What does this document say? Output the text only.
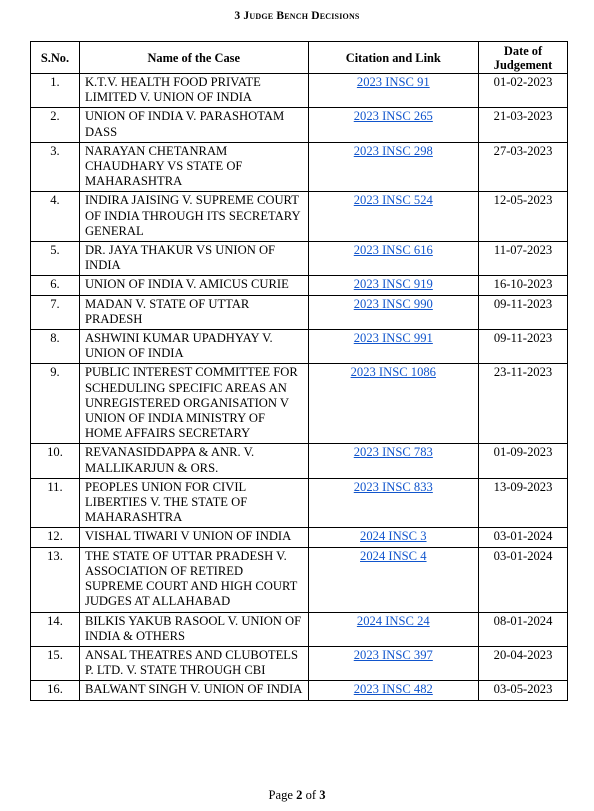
3 Judge Bench Decisions
S.No.	Name of the Case	Citation and Link	Date of Judgement
1.	K.T.V. HEALTH FOOD PRIVATE LIMITED V. UNION OF INDIA	2023 INSC 91	01-02-2023
2.	UNION OF INDIA V. PARASHOTAM DASS	2023 INSC 265	21-03-2023
3.	NARAYAN CHETANRAM CHAUDHARY VS STATE OF MAHARASHTRA	2023 INSC 298	27-03-2023
4.	INDIRA JAISING V. SUPREME COURT OF INDIA THROUGH ITS SECRETARY GENERAL	2023 INSC 524	12-05-2023
5.	DR. JAYA THAKUR VS UNION OF INDIA	2023 INSC 616	11-07-2023
6.	UNION OF INDIA V. AMICUS CURIE	2023 INSC 919	16-10-2023
7.	MADAN V. STATE OF UTTAR PRADESH	2023 INSC 990	09-11-2023
8.	ASHWINI KUMAR UPADHYAY V. UNION OF INDIA	2023 INSC 991	09-11-2023
9.	PUBLIC INTEREST COMMITTEE FOR SCHEDULING SPECIFIC AREAS AN UNREGISTERED ORGANISATION V UNION OF INDIA MINISTRY OF HOME AFFAIRS SECRETARY	2023 INSC 1086	23-11-2023
10.	REVANASIDDAPPA & ANR. V. MALLIKARJUN & ORS.	2023 INSC 783	01-09-2023
11.	PEOPLES UNION FOR CIVIL LIBERTIES V. THE STATE OF MAHARASHTRA	2023 INSC 833	13-09-2023
12.	VISHAL TIWARI V UNION OF INDIA	2024 INSC 3	03-01-2024
13.	THE STATE OF UTTAR PRADESH V. ASSOCIATION OF RETIRED SUPREME COURT AND HIGH COURT JUDGES AT ALLAHABAD	2024 INSC 4	03-01-2024
14.	BILKIS YAKUB RASOOL V. UNION OF INDIA & OTHERS	2024 INSC 24	08-01-2024
15.	ANSAL THEATRES AND CLUBOTELS P. LTD. V. STATE THROUGH CBI	2023 INSC 397	20-04-2023
16.	BALWANT SINGH V. UNION OF INDIA	2023 INSC 482	03-05-2023
Page 2 of 3
